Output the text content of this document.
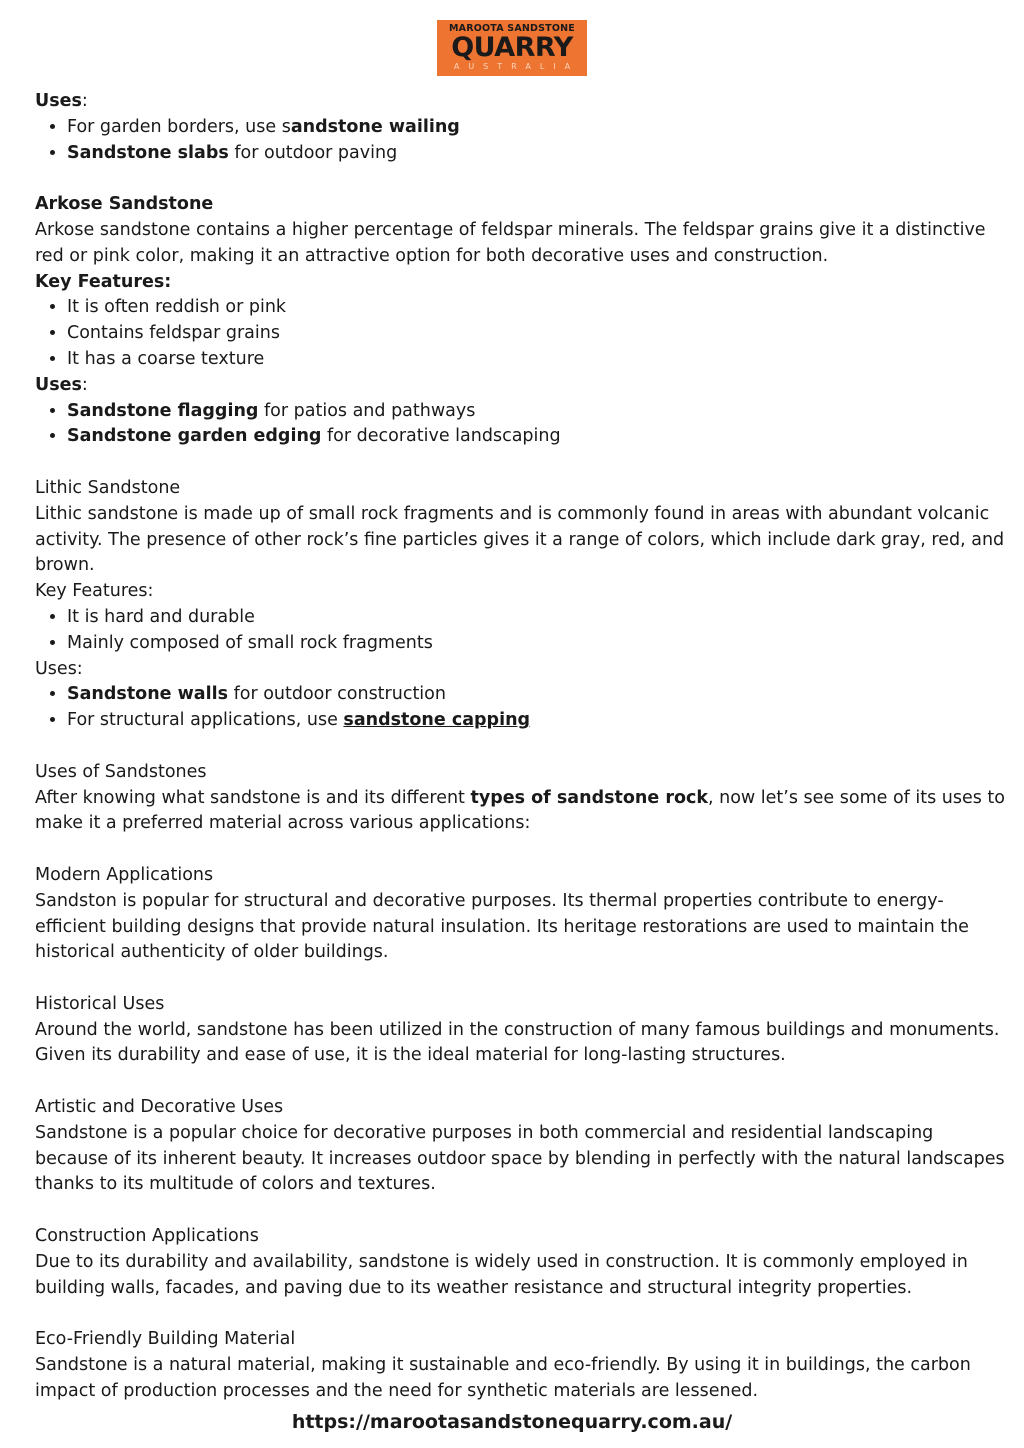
MAROOTA SANDSTONE
QUARRY
AUSTRALIA

Uses:

• For garden borders, use sandstone wailing
• Sandstone slabs for outdoor paving

Arkose Sandstone

Arkose sandstone contains a higher percentage of feldspar minerals. The feldspar grains give it a distinctive red or pink color, making it an attractive option for both decorative uses and construction.

Key Features:

• It is often reddish or pink
• Contains feldspar grains
• It has a coarse texture

Uses:

• Sandstone flagging for patios and pathways
• Sandstone garden edging for decorative landscaping

Lithic Sandstone

Lithic sandstone is made up of small rock fragments and is commonly found in areas with abundant volcanic activity. The presence of other rock’s fine particles gives it a range of colors, which include dark gray, red, and brown.

Key Features:

• It is hard and durable
• Mainly composed of small rock fragments

Uses:

• Sandstone walls for outdoor construction
• For structural applications, use sandstone capping

Uses of Sandstones

After knowing what sandstone is and its different types of sandstone rock, now let’s see some of its uses to make it a preferred material across various applications:

Modern Applications

Sandston is popular for structural and decorative purposes. Its thermal properties contribute to energy-efficient building designs that provide natural insulation. Its heritage restorations are used to maintain the historical authenticity of older buildings.

Historical Uses

Around the world, sandstone has been utilized in the construction of many famous buildings and monuments. Given its durability and ease of use, it is the ideal material for long-lasting structures.

Artistic and Decorative Uses

Sandstone is a popular choice for decorative purposes in both commercial and residential landscaping because of its inherent beauty. It increases outdoor space by blending in perfectly with the natural landscapes thanks to its multitude of colors and textures.

Construction Applications

Due to its durability and availability, sandstone is widely used in construction. It is commonly employed in building walls, facades, and paving due to its weather resistance and structural integrity properties.

Eco-Friendly Building Material

Sandstone is a natural material, making it sustainable and eco-friendly. By using it in buildings, the carbon impact of production processes and the need for synthetic materials are lessened.

https://marootasandstonequarry.com.au/
